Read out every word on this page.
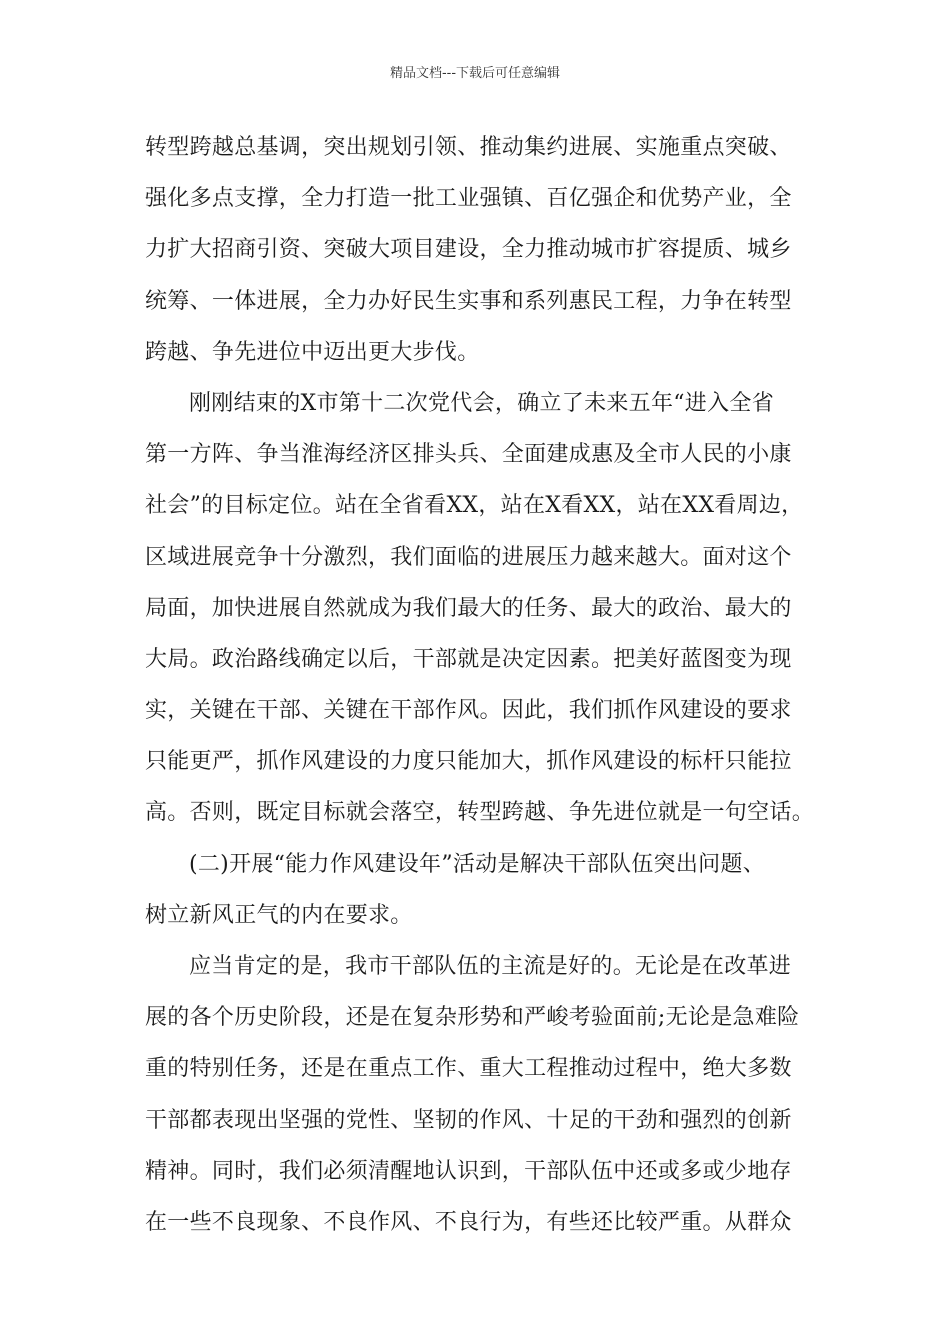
精品文档---下载后可任意编辑
转型跨越总基调，突出规划引领、推动集约进展、实施重点突破、
强化多点支撑，全力打造一批工业强镇、百亿强企和优势产业，全
力扩大招商引资、突破大项目建设，全力推动城市扩容提质、城乡
统筹、一体进展，全力办好民生实事和系列惠民工程，力争在转型
跨越、争先进位中迈出更大步伐。
刚刚结束的X市第十二次党代会，确立了未来五年“进入全省
第一方阵、争当淮海经济区排头兵、全面建成惠及全市人民的小康
社会”的目标定位。站在全省看XX，站在X看XX，站在XX看周边，
区域进展竞争十分激烈，我们面临的进展压力越来越大。面对这个
局面，加快进展自然就成为我们最大的任务、最大的政治、最大的
大局。政治路线确定以后，干部就是决定因素。把美好蓝图变为现
实，关键在干部、关键在干部作风。因此，我们抓作风建设的要求
只能更严，抓作风建设的力度只能加大，抓作风建设的标杆只能拉
高。否则，既定目标就会落空，转型跨越、争先进位就是一句空话。
(二)开展“能力作风建设年”活动是解决干部队伍突出问题、
树立新风正气的内在要求。
应当肯定的是，我市干部队伍的主流是好的。无论是在改革进
展的各个历史阶段，还是在复杂形势和严峻考验面前;无论是急难险
重的特别任务，还是在重点工作、重大工程推动过程中，绝大多数
干部都表现出坚强的党性、坚韧的作风、十足的干劲和强烈的创新
精神。同时，我们必须清醒地认识到，干部队伍中还或多或少地存
在一些不良现象、不良作风、不良行为，有些还比较严重。从群众
